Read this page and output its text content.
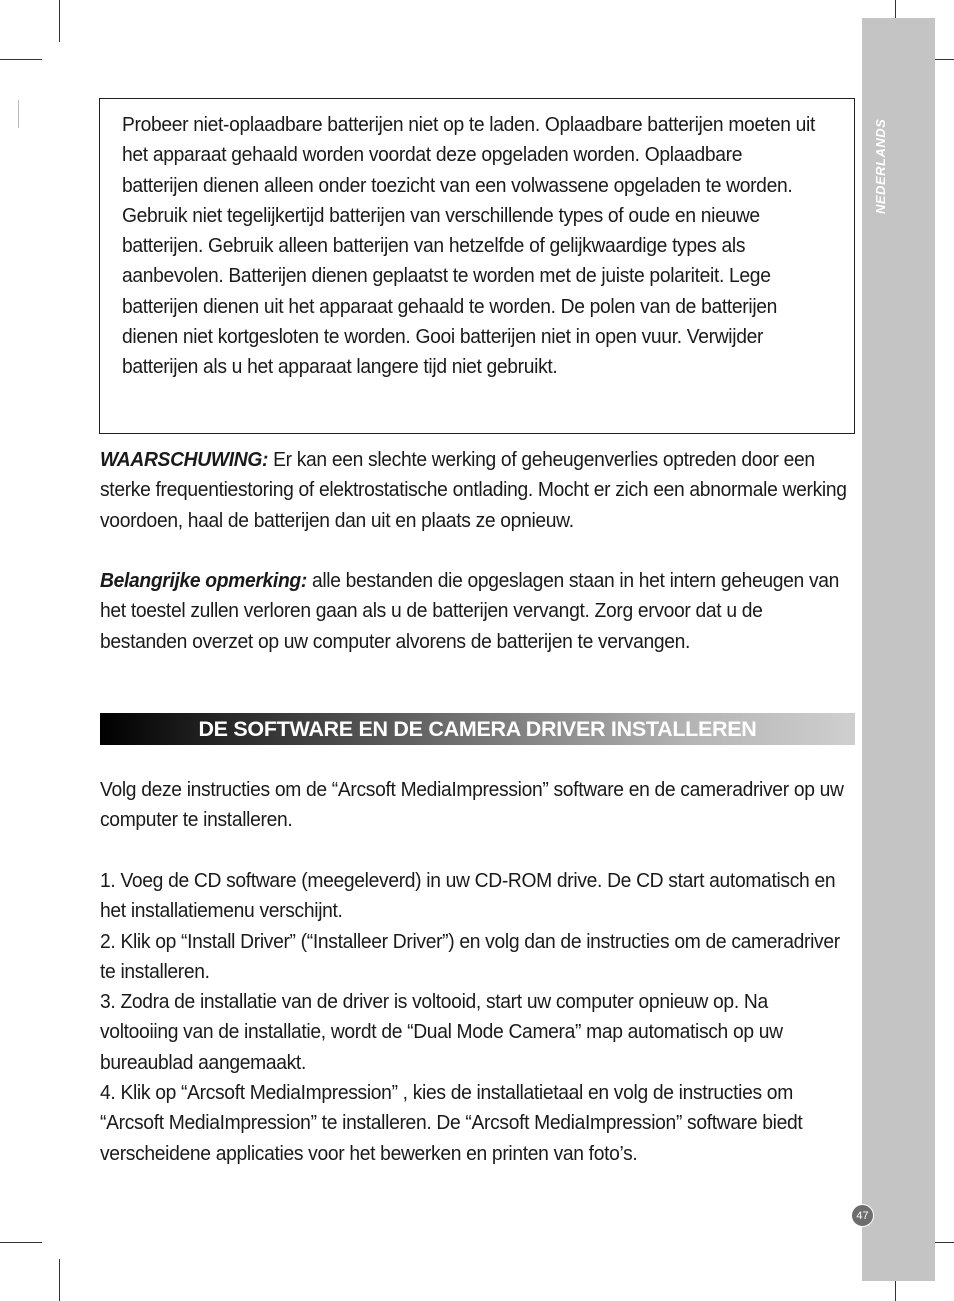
NEDERLANDS

Probeer niet-oplaadbare batterijen niet op te laden. Oplaadbare batterijen moeten uit het apparaat gehaald worden voordat deze opgeladen worden. Oplaadbare batterijen dienen alleen onder toezicht van een volwassene opgeladen te worden. Gebruik niet tegelijkertijd batterijen van verschillende types of oude en nieuwe batterijen. Gebruik alleen batterijen van hetzelfde of gelijkwaardige types als aanbevolen. Batterijen dienen geplaatst te worden met de juiste polariteit. Lege batterijen dienen uit het apparaat gehaald te worden. De polen van de batterijen dienen niet kortgesloten te worden. Gooi batterijen niet in open vuur. Verwijder batterijen als u het apparaat langere tijd niet gebruikt.

WAARSCHUWING: Er kan een slechte werking of geheugenverlies optreden door een sterke frequentiestoring of elektrostatische ontlading. Mocht er zich een abnormale werking voordoen, haal de batterijen dan uit en plaats ze opnieuw.

Belangrijke opmerking: alle bestanden die opgeslagen staan in het intern geheugen van het toestel zullen verloren gaan als u de batterijen vervangt. Zorg ervoor dat u de bestanden overzet op uw computer alvorens de batterijen te vervangen.

DE SOFTWARE EN DE CAMERA DRIVER INSTALLEREN

Volg deze instructies om de “Arcsoft MediaImpression” software en de cameradriver op uw computer te installeren.

1. Voeg de CD software (meegeleverd) in uw CD-ROM drive. De CD start automatisch en het installatiemenu verschijnt.
2. Klik op “Install Driver” (“Installeer Driver”) en volg dan de instructies om de cameradriver te installeren.
3. Zodra de installatie van de driver is voltooid, start uw computer opnieuw op. Na voltooiing van de installatie, wordt de “Dual Mode Camera” map automatisch op uw bureaublad aangemaakt.
4. Klik op “Arcsoft MediaImpression” , kies de installatietaal en volg de instructies om “Arcsoft MediaImpression” te installeren. De “Arcsoft MediaImpression” software biedt verscheidene applicaties voor het bewerken en printen van foto’s.
47
